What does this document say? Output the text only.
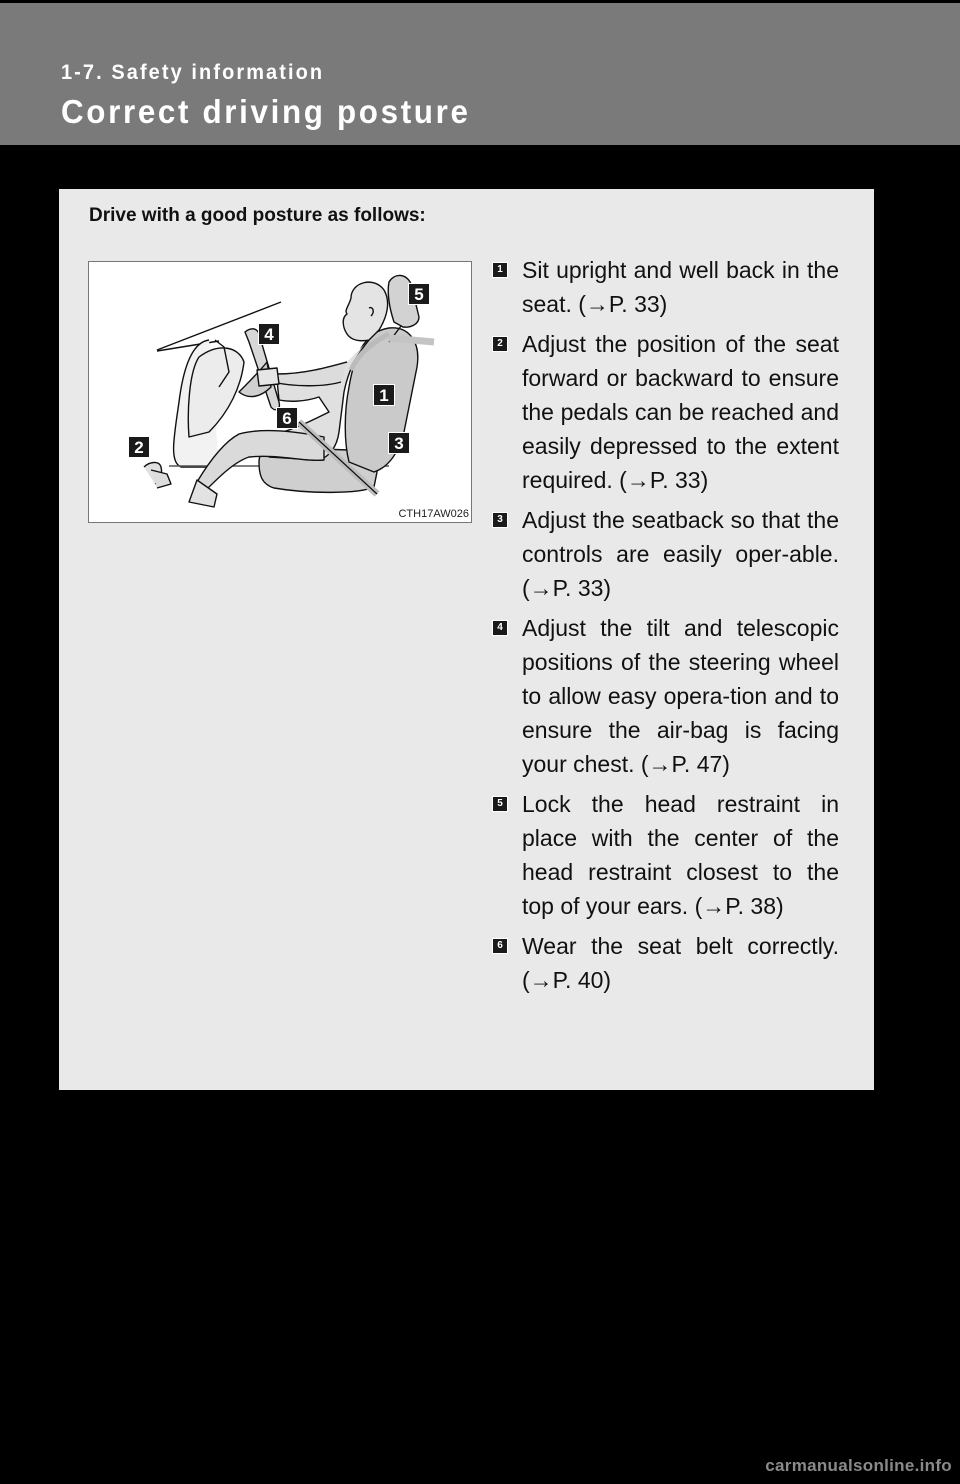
1-7. Safety information
Correct driving posture
Drive with a good posture as follows:
1
2	3
4
5
6
CTH17AW026
1 Sit upright and well back in the seat. (→P. 33)
2 Adjust the position of the seat forward or backward to ensure the pedals can be reached and easily depressed to the extent required. (→P. 33)
3 Adjust the seatback so that the controls are easily oper-able. (→P. 33)
4 Adjust the tilt and telescopic positions of the steering wheel to allow easy opera-tion and to ensure the air-bag is facing your chest. (→P. 47)
5 Lock the head restraint in place with the center of the head restraint closest to the top of your ears. (→P. 38)
6 Wear the seat belt correctly. (→P. 40)
carmanualsonline.info
